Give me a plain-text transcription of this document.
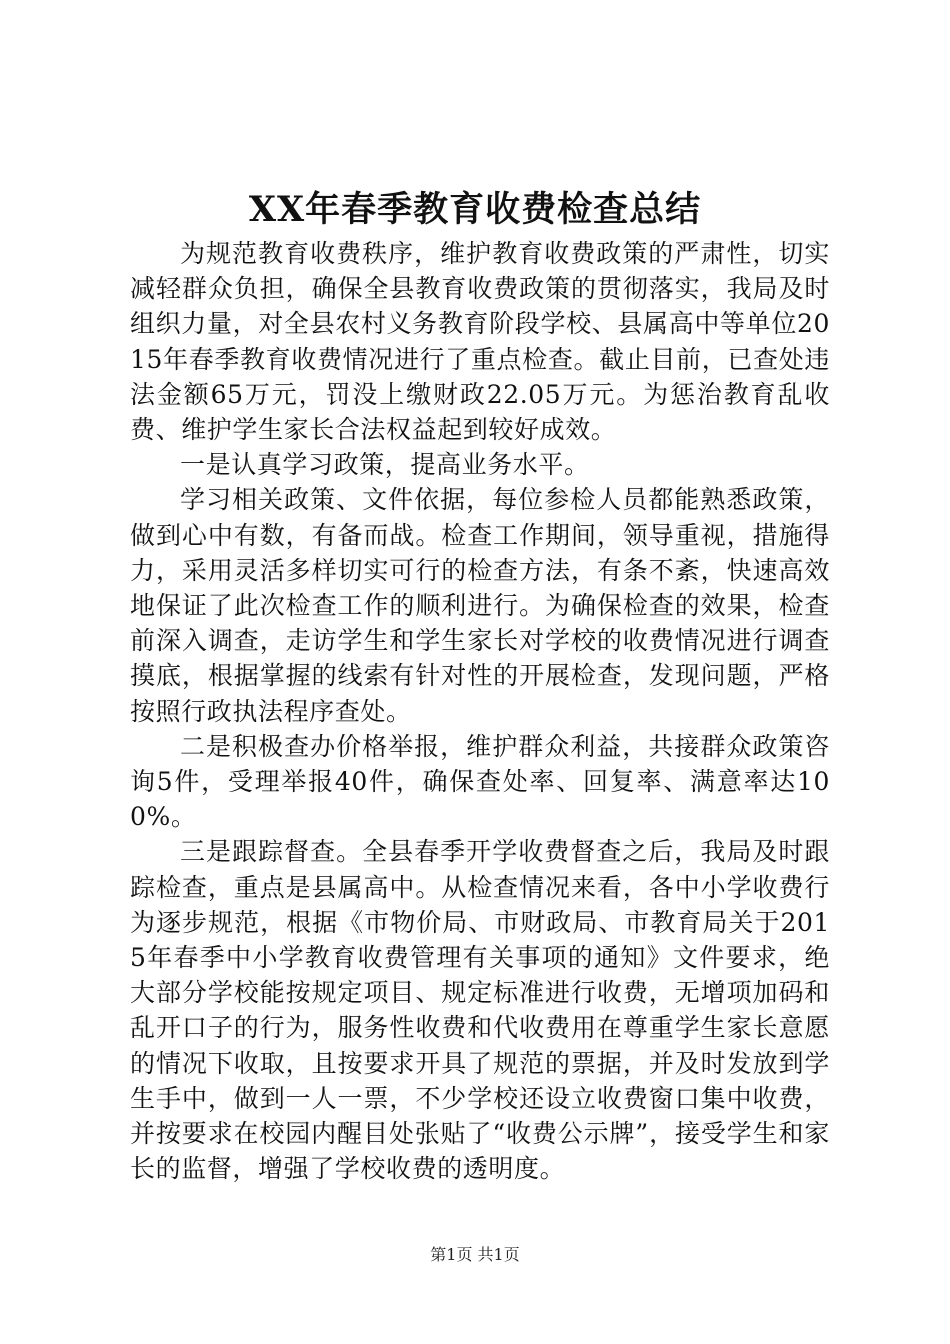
XX年春季教育收费检查总结

为规范教育收费秩序，维护教育收费政策的严肃性，切实减轻群众负担，确保全县教育收费政策的贯彻落实，我局及时组织力量，对全县农村义务教育阶段学校、县属高中等单位2015年春季教育收费情况进行了重点检查。截止目前，已查处违法金额65万元，罚没上缴财政22.05万元。为惩治教育乱收费、维护学生家长合法权益起到较好成效。

一是认真学习政策，提高业务水平。

学习相关政策、文件依据，每位参检人员都能熟悉政策，做到心中有数，有备而战。检查工作期间，领导重视，措施得力，采用灵活多样切实可行的检查方法，有条不紊，快速高效地保证了此次检查工作的顺利进行。为确保检查的效果，检查前深入调查，走访学生和学生家长对学校的收费情况进行调查摸底，根据掌握的线索有针对性的开展检查，发现问题，严格按照行政执法程序查处。

二是积极查办价格举报，维护群众利益，共接群众政策咨询5件，受理举报40件，确保查处率、回复率、满意率达100%。

三是跟踪督查。全县春季开学收费督查之后，我局及时跟踪检查，重点是县属高中。从检查情况来看，各中小学收费行为逐步规范，根据《市物价局、市财政局、市教育局关于2015年春季中小学教育收费管理有关事项的通知》文件要求，绝大部分学校能按规定项目、规定标准进行收费，无增项加码和乱开口子的行为，服务性收费和代收费用在尊重学生家长意愿的情况下收取，且按要求开具了规范的票据，并及时发放到学生手中，做到一人一票，不少学校还设立收费窗口集中收费，并按要求在校园内醒目处张贴了“收费公示牌”，接受学生和家长的监督，增强了学校收费的透明度。

第1页 共1页
